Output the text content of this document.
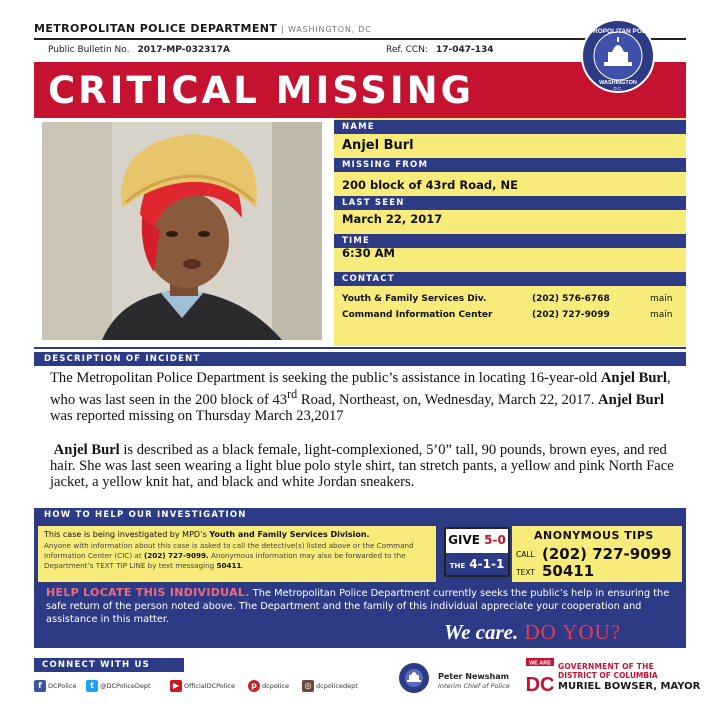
METROPOLITAN POLICE DEPARTMENT | WASHINGTON, DC
Public Bulletin No. 2017-MP-032317A	Ref. CCN: 17-047-134
CRITICAL MISSING
METROPOLITAN POLICE
WASHINGTON
D.C.
NAME
Anjel Burl
MISSING FROM
200 block of 43rd Road, NE
LAST SEEN
March 22, 2017
TIME
6:30 AM
CONTACT
Youth & Family Services Div.	(202) 576-6768	main
Command Information Center	(202) 727-9099	main
DESCRIPTION OF INCIDENT
The Metropolitan Police Department is seeking the public’s assistance in locating 16-year-old Anjel Burl, who was last seen in the 200 block of 43rd Road, Northeast, on, Wednesday, March 22, 2017. Anjel Burl was reported missing on Thursday March 23,2017
Anjel Burl is described as a black female, light-complexioned, 5’0” tall, 90 pounds, brown eyes, and red hair. She was last seen wearing a light blue polo style shirt, tan stretch pants, a yellow and pink North Face jacket, a yellow knit hat, and black and white Jordan sneakers.
HOW TO HELP OUR INVESTIGATION
This case is being investigated by MPD’s Youth and Family Services Division.
Anyone with information about this case is asked to call the detective(s) listed above or the Command Information Center (CIC) at (202) 727-9099. Anonymous information may also be forwarded to the Department’s TEXT TIP LINE by text messaging 50411.
GIVE 5-0
THE 4-1-1
ANONYMOUS TIPS
CALL (202) 727-9099
TEXT 50411
HELP LOCATE THIS INDIVIDUAL. The Metropolitan Police Department currently seeks the public’s help in ensuring the safe return of the person noted above. The Department and the family of this individual appreciate your cooperation and assistance in this matter.
We care. DO YOU?
CONNECT WITH US
f DCPolice	t @DCPoliceDept	▶ OfficialDCPolice	p dcpolice	◎ dcpolicedept
Peter Newsham
Interim Chief of Police
WE ARE
DC
GOVERNMENT OF THE
DISTRICT OF COLUMBIA
MURIEL BOWSER, MAYOR
